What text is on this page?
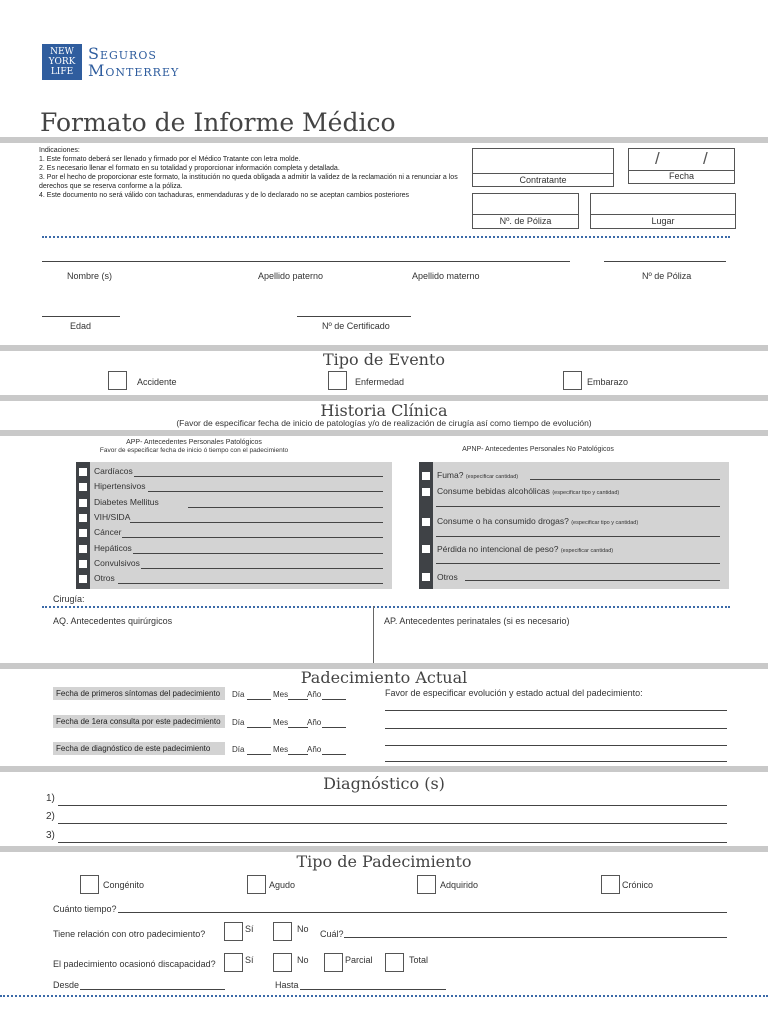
NEW
YORK
LIFE
Seguros
Monterrey
Formato de Informe Médico
Indicaciones:
1. Este formato deberá ser llenado y firmado por el Médico Tratante con letra molde.
2. Es necesario llenar el formato en su totalidad y proporcionar información completa y detallada.
3. Por el hecho de proporcionar este formato, la institución no queda obligada a admitir la validez de la reclamación ni a renunciar a los derechos que se reserva conforme a la póliza.
4. Este documento no será válido con tachaduras, enmendaduras y de lo declarado no se aceptan cambios posteriores
Contratante
/	/
Fecha
Nº. de Póliza	Lugar
Nombre (s)	Apellido paterno	Apellido materno	Nº de Póliza
Edad	Nº de Certificado
Tipo de Evento
Accidente	Enfermedad	Embarazo
Historia Clínica
(Favor de especificar fecha de inicio de patologías y/o de realización de cirugía así como tiempo de evolución)
APP- Antecedentes Personales Patológicos
Favor de especificar fecha de inicio ó tiempo con el padecimiento	APNP- Antecedentes Personales No Patológicos
Cardíacos
Hipertensivos
Diabetes Mellitus
VIH/SIDA
Cáncer
Hepáticos
Convulsivos
Otros
Fuma? (especificar cantidad)
Consume bebidas alcohólicas (especificar tipo y cantidad)
Consume o ha consumido drogas? (especificar tipo y cantidad)
Pérdida no intencional de peso? (especificar cantidad)
Otros
Cirugía:
AQ. Antecedentes quirúrgicos	AP. Antecedentes perinatales (si es necesario)
Padecimiento Actual
Favor de especificar evolución y estado actual del padecimiento:
Fecha de primeros síntomas del padecimiento	Día	Mes Año
Fecha de 1era consulta por este padecimiento	Día	Mes Año
Fecha de diagnóstico de este padecimiento	Día	Mes Año
Diagnóstico (s)
1)
2)
3)
Tipo de Padecimiento
Congénito	Agudo	Adquirido	Crónico
Cuánto tiempo?
Tiene relación con otro padecimiento?	Sí	No Cuál?
El padecimiento ocasionó discapacidad?	Sí	No	Parcial	Total
Desde	Hasta
